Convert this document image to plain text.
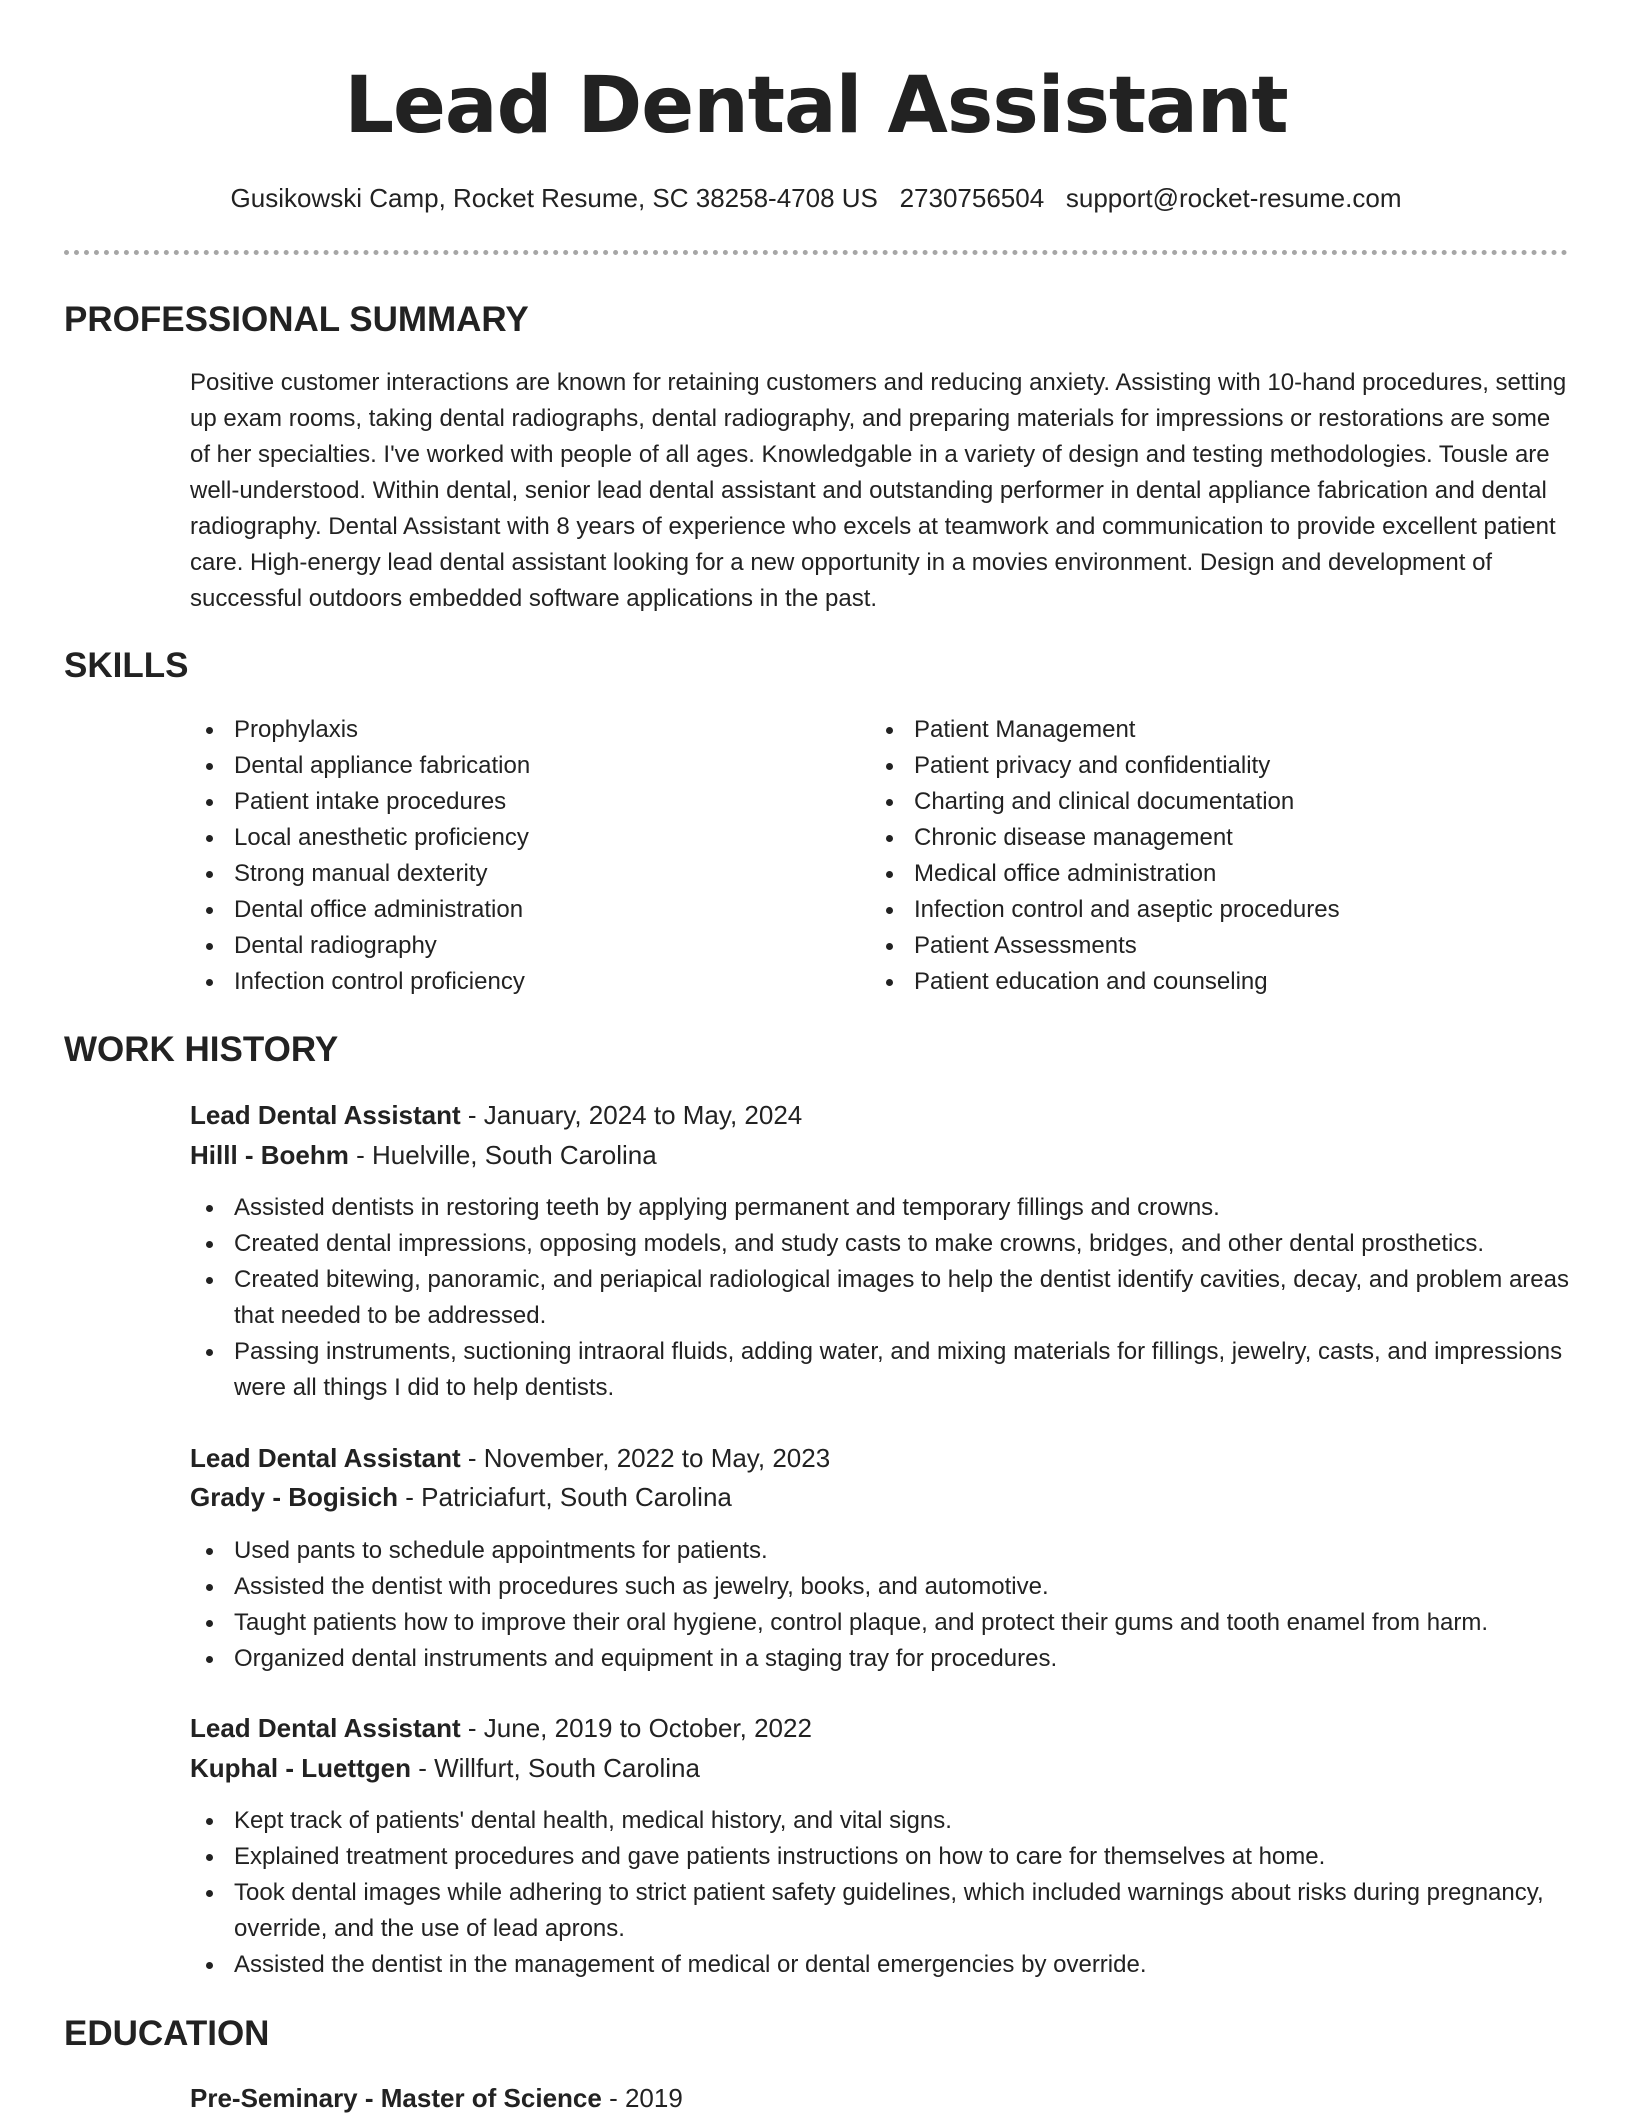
Lead Dental Assistant
Gusikowski Camp, Rocket Resume, SC 38258-4708 US 2730756504 support@rocket-resume.com
PROFESSIONAL SUMMARY

Positive customer interactions are known for retaining customers and reducing anxiety. Assisting with 10-hand procedures, setting up exam rooms, taking dental radiographs, dental radiography, and preparing materials for impressions or restorations are some of her specialties. I've worked with people of all ages. Knowledgable in a variety of design and testing methodologies. Tousle are well-understood. Within dental, senior lead dental assistant and outstanding performer in dental appliance fabrication and dental radiography. Dental Assistant with 8 years of experience who excels at teamwork and communication to provide excellent patient care. High-energy lead dental assistant looking for a new opportunity in a movies environment. Design and development of successful outdoors embedded software applications in the past.

SKILLS
Prophylaxis
Dental appliance fabrication
Patient intake procedures
Local anesthetic proficiency
Strong manual dexterity
Dental office administration
Dental radiography
Infection control proficiency
Patient Management
Patient privacy and confidentiality
Charting and clinical documentation
Chronic disease management
Medical office administration
Infection control and aseptic procedures
Patient Assessments
Patient education and counseling
WORK HISTORY
Lead Dental Assistant - January, 2024 to May, 2024
Hilll - Boehm - Huelville, South Carolina
Assisted dentists in restoring teeth by applying permanent and temporary fillings and crowns.
Created dental impressions, opposing models, and study casts to make crowns, bridges, and other dental prosthetics.
Created bitewing, panoramic, and periapical radiological images to help the dentist identify cavities, decay, and problem areas that needed to be addressed.
Passing instruments, suctioning intraoral fluids, adding water, and mixing materials for fillings, jewelry, casts, and impressions were all things I did to help dentists.
Lead Dental Assistant - November, 2022 to May, 2023
Grady - Bogisich - Patriciafurt, South Carolina
Used pants to schedule appointments for patients.
Assisted the dentist with procedures such as jewelry, books, and automotive.
Taught patients how to improve their oral hygiene, control plaque, and protect their gums and tooth enamel from harm.
Organized dental instruments and equipment in a staging tray for procedures.
Lead Dental Assistant - June, 2019 to October, 2022
Kuphal - Luettgen - Willfurt, South Carolina
Kept track of patients' dental health, medical history, and vital signs.
Explained treatment procedures and gave patients instructions on how to care for themselves at home.
Took dental images while adhering to strict patient safety guidelines, which included warnings about risks during pregnancy, override, and the use of lead aprons.
Assisted the dentist in the management of medical or dental emergencies by override.
EDUCATION
Pre-Seminary - Master of Science - 2019
